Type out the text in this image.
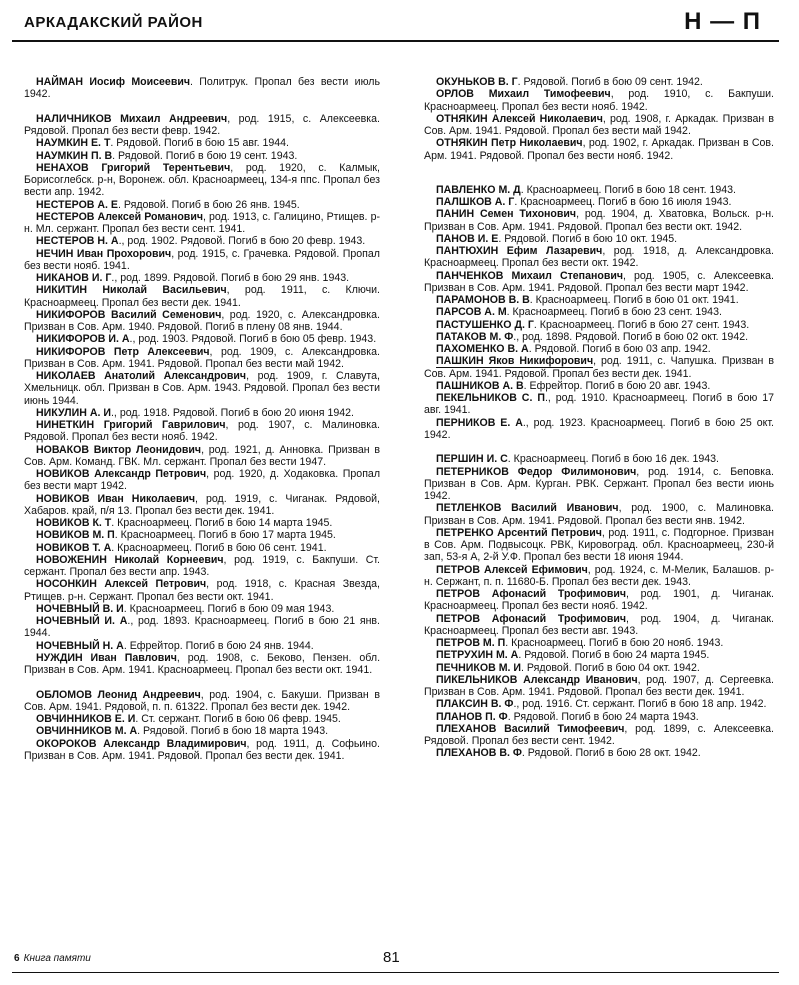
АРКАДАКСКИЙ РАЙОН	Н — П

НАЙМАН Иосиф Моисеевич. Политрук. Пропал без вести июль 1942.

НАЛИЧНИКОВ Михаил Андреевич, род. 1915, с. Алексеевка. Рядовой. Пропал без вести февр. 1942.

НАУМКИН Е. Т. Рядовой. Погиб в бою 15 авг. 1944.

НАУМКИН П. В. Рядовой. Погиб в бою 19 сент. 1943.

НЕНАХОВ Григорий Терентьевич, род. 1920, с. Калмык, Борисоглебск. р-н, Воронеж. обл. Красноармеец, 134-я ппс. Пропал без вести апр. 1942.

НЕСТЕРОВ А. Е. Рядовой. Погиб в бою 26 янв. 1945.

НЕСТЕРОВ Алексей Романович, род. 1913, с. Галицино, Ртищев. р-н. Мл. сержант. Пропал без вести сент. 1941.

НЕСТЕРОВ Н. А., род. 1902. Рядовой. Погиб в бою 20 февр. 1943.

НЕЧИН Иван Прохорович, род. 1915, с. Грачевка. Рядовой. Пропал без вести нояб. 1941.

НИКАНОВ И. Г., род. 1899. Рядовой. Погиб в бою 29 янв. 1943.

НИКИТИН Николай Васильевич, род. 1911, с. Ключи. Красноармеец. Пропал без вести дек. 1941.

НИКИФОРОВ Василий Семенович, род. 1920, с. Александровка. Призван в Сов. Арм. 1940. Рядовой. Погиб в плену 08 янв. 1944.

НИКИФОРОВ И. А., род. 1903. Рядовой. Погиб в бою 05 февр. 1943.

НИКИФОРОВ Петр Алексеевич, род. 1909, с. Александровка. Призван в Сов. Арм. 1941. Рядовой. Пропал без вести май 1942.

НИКОЛАЕВ Анатолий Александрович, род. 1909, г. Славута, Хмельницк. обл. Призван в Сов. Арм. 1943. Рядовой. Пропал без вести июнь 1944.

НИКУЛИН А. И., род. 1918. Рядовой. Погиб в бою 20 июня 1942.

НИНЕТКИН Григорий Гаврилович, род. 1907, с. Малиновка. Рядовой. Пропал без вести нояб. 1942.

НОВАКОВ Виктор Леонидович, род. 1921, д. Анновка. Призван в Сов. Арм. Команд. ГВК. Мл. сержант. Пропал без вести 1947.

НОВИКОВ Александр Петрович, род. 1920, д. Ходаковка. Пропал без вести март 1942.

НОВИКОВ Иван Николаевич, род. 1919, с. Чиганак. Рядовой, Хабаров. край, п/я 13. Пропал без вести дек. 1941.

НОВИКОВ К. Т. Красноармеец. Погиб в бою 14 марта 1945.

НОВИКОВ М. П. Красноармеец. Погиб в бою 17 марта 1945.

НОВИКОВ Т. А. Красноармеец. Погиб в бою 06 сент. 1941.

НОВОЖЕНИН Николай Корнеевич, род. 1919, с. Бакпуши. Ст. сержант. Пропал без вести апр. 1943.

НОСОНКИН Алексей Петрович, род. 1918, с. Красная Звезда, Ртищев. р-н. Сержант. Пропал без вести окт. 1941.

НОЧЕВНЫЙ В. И. Красноармеец. Погиб в бою 09 мая 1943.

НОЧЕВНЫЙ И. А., род. 1893. Красноармеец. Погиб в бою 21 янв. 1944.

НОЧЕВНЫЙ Н. А. Ефрейтор. Погиб в бою 24 янв. 1944.

НУЖДИН Иван Павлович, род. 1908, с. Беково, Пензен. обл. Призван в Сов. Арм. 1941. Красноармеец. Пропал без вести окт. 1941.

ОБЛОМОВ Леонид Андреевич, род. 1904, с. Бакуши. Призван в Сов. Арм. 1941. Рядовой, п. п. 61322. Пропал без вести дек. 1942.

ОВЧИННИКОВ Е. И. Ст. сержант. Погиб в бою 06 февр. 1945.

ОВЧИННИКОВ М. А. Рядовой. Погиб в бою 18 марта 1943.

ОКОРОКОВ Александр Владимирович, род. 1911, д. Софьино. Призван в Сов. Арм. 1941. Рядовой. Пропал без вести дек. 1941.

ОКУНЬКОВ В. Г. Рядовой. Погиб в бою 09 сент. 1942.

ОРЛОВ Михаил Тимофеевич, род. 1910, с. Бакпуши. Красноармеец. Пропал без вести нояб. 1942.

ОТНЯКИН Алексей Николаевич, род. 1908, г. Аркадак. Призван в Сов. Арм. 1941. Рядовой. Пропал без вести май 1942.

ОТНЯКИН Петр Николаевич, род. 1902, г. Аркадак. Призван в Сов. Арм. 1941. Рядовой. Пропал без вести нояб. 1942.

ПАВЛЕНКО М. Д. Красноармеец. Погиб в бою 18 сент. 1943.

ПАЛШКОВ А. Г. Красноармеец. Погиб в бою 16 июля 1943.

ПАНИН Семен Тихонович, род. 1904, д. Хватовка, Вольск. р-н. Призван в Сов. Арм. 1941. Рядовой. Пропал без вести окт. 1942.

ПАНОВ И. Е. Рядовой. Погиб в бою 10 окт. 1945.

ПАНТЮХИН Ефим Лазаревич, род. 1918, д. Александровка. Красноармеец. Пропал без вести окт. 1942.

ПАНЧЕНКОВ Михаил Степанович, род. 1905, с. Алексеевка. Призван в Сов. Арм. 1941. Рядовой. Пропал без вести март 1942.

ПАРАМОНОВ В. В. Красноармеец. Погиб в бою 01 окт. 1941.

ПАРСОВ А. М. Красноармеец. Погиб в бою 23 сент. 1943.

ПАСТУШЕНКО Д. Г. Красноармеец. Погиб в бою 27 сент. 1943.

ПАТАКОВ М. Ф., род. 1898. Рядовой. Погиб в бою 02 окт. 1942.

ПАХОМЕНКО В. А. Рядовой. Погиб в бою 03 апр. 1942.

ПАШКИН Яков Никифорович, род. 1911, с. Чапушка. Призван в Сов. Арм. 1941. Рядовой. Пропал без вести дек. 1941.

ПАШНИКОВ А. В. Ефрейтор. Погиб в бою 20 авг. 1943.

ПЕКЕЛЬНИКОВ С. П., род. 1910. Красноармеец. Погиб в бою 17 авг. 1941.

ПЕРНИКОВ Е. А., род. 1923. Красноармеец. Погиб в бою 25 окт. 1942.

ПЕРШИН И. С. Красноармеец. Погиб в бою 16 дек. 1943.

ПЕТЕРНИКОВ Федор Филимонович, род. 1914, с. Беповка. Призван в Сов. Арм. Курган. РВК. Сержант. Пропал без вести июнь 1942.

ПЕТЛЕНКОВ Василий Иванович, род. 1900, с. Малиновка. Призван в Сов. Арм. 1941. Рядовой. Пропал без вести янв. 1942.

ПЕТРЕНКО Арсентий Петрович, род. 1911, с. Подгорное. Призван в Сов. Арм. Подвысоцк. РВК, Кировоград. обл. Красноармеец, 230-й зап, 53-я А, 2-й У.Ф. Пропал без вести 18 июня 1944.

ПЕТРОВ Алексей Ефимович, род. 1924, с. М-Мелик, Балашов. р-н. Сержант, п. п. 11680-Б. Пропал без вести дек. 1943.

ПЕТРОВ Афонасий Трофимович, род. 1901, д. Чиганак. Красноармеец. Пропал без вести нояб. 1942.

ПЕТРОВ Афонасий Трофимович, род. 1904, д. Чиганак. Красноармеец. Пропал без вести авг. 1943.

ПЕТРОВ М. П. Красноармеец. Погиб в бою 20 нояб. 1943.

ПЕТРУХИН М. А. Рядовой. Погиб в бою 24 марта 1945.

ПЕЧНИКОВ М. И. Рядовой. Погиб в бою 04 окт. 1942.

ПИКЕЛЬНИКОВ Александр Иванович, род. 1907, д. Сергеевка. Призван в Сов. Арм. 1941. Рядовой. Пропал без вести дек. 1941.

ПЛАКСИН В. Ф., род. 1916. Ст. сержант. Погиб в бою 18 апр. 1942.

ПЛАНОВ П. Ф. Рядовой. Погиб в бою 24 марта 1943.

ПЛЕХАНОВ Василий Тимофеевич, род. 1899, с. Алексеевка. Рядовой. Пропал без вести сент. 1942.

ПЛЕХАНОВ В. Ф. Рядовой. Погиб в бою 28 окт. 1942.

6 Книга памяти	81
